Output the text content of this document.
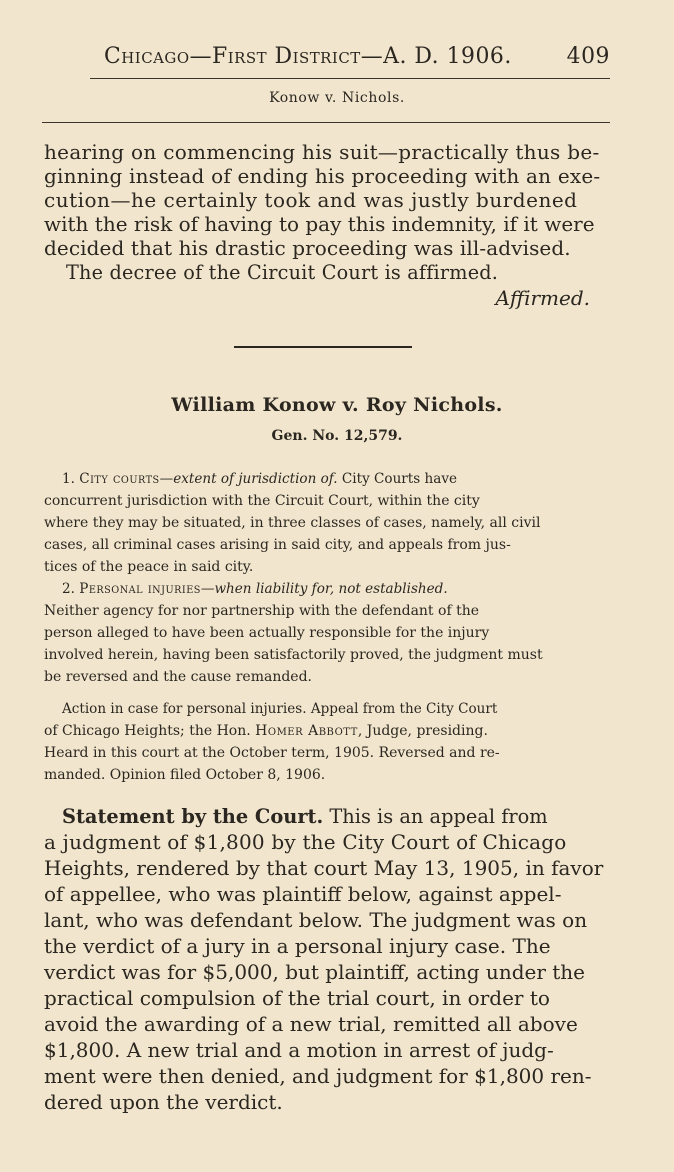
Chicago—First District—A. D. 1906. 409
Konow v. Nichols.
hearing on commencing his suit—practically thus be-
ginning instead of ending his proceeding with an exe-
cution—he certainly took and was justly burdened
with the risk of having to pay this indemnity, if it were
decided that his drastic proceeding was ill-advised.
The decree of the Circuit Court is affirmed.
Affirmed.
William Konow v. Roy Nichols.
Gen. No. 12,579.
1. City courts—extent of jurisdiction of. City Courts have
concurrent jurisdiction with the Circuit Court, within the city
where they may be situated, in three classes of cases, namely, all civil
cases, all criminal cases arising in said city, and appeals from jus-
tices of the peace in said city.
2. Personal injuries—when liability for, not established.
Neither agency for nor partnership with the defendant of the
person alleged to have been actually responsible for the injury
involved herein, having been satisfactorily proved, the judgment must
be reversed and the cause remanded.
Action in case for personal injuries. Appeal from the City Court
of Chicago Heights; the Hon. Homer Abbott, Judge, presiding.
Heard in this court at the October term, 1905. Reversed and re-
manded. Opinion filed October 8, 1906.
Statement by the Court. This is an appeal from
a judgment of $1,800 by the City Court of Chicago
Heights, rendered by that court May 13, 1905, in favor
of appellee, who was plaintiff below, against appel-
lant, who was defendant below. The judgment was on
the verdict of a jury in a personal injury case. The
verdict was for $5,000, but plaintiff, acting under the
practical compulsion of the trial court, in order to
avoid the awarding of a new trial, remitted all above
$1,800. A new trial and a motion in arrest of judg-
ment were then denied, and judgment for $1,800 ren-
dered upon the verdict.
